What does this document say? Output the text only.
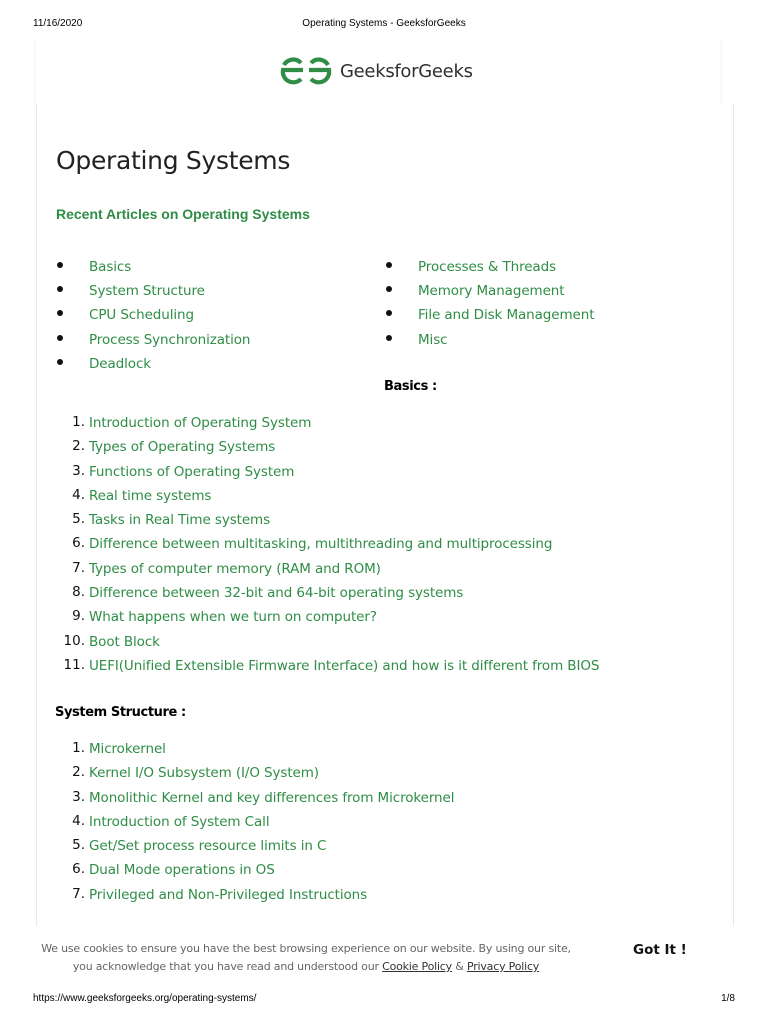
11/16/2020	Operating Systems - GeeksforGeeks
GeeksforGeeks
Operating Systems
Recent Articles on Operating Systems
Basics
System Structure
CPU Scheduling
Process Synchronization
Deadlock
Processes & Threads
Memory Management
File and Disk Management
Misc
Basics :
1. Introduction of Operating System
2. Types of Operating Systems
3. Functions of Operating System
4. Real time systems
5. Tasks in Real Time systems
6. Difference between multitasking, multithreading and multiprocessing
7. Types of computer memory (RAM and ROM)
8. Difference between 32-bit and 64-bit operating systems
9. What happens when we turn on computer?
10. Boot Block
11. UEFI(Unified Extensible Firmware Interface) and how is it different from BIOS
System Structure :
1. Microkernel
2. Kernel I/O Subsystem (I/O System)
3. Monolithic Kernel and key differences from Microkernel
4. Introduction of System Call
5. Get/Set process resource limits in C
6. Dual Mode operations in OS
7. Privileged and Non-Privileged Instructions
We use cookies to ensure you have the best browsing experience on our website. By using our site,
you acknowledge that you have read and understood our Cookie Policy & Privacy Policy
Got It !
https://www.geeksforgeeks.org/operating-systems/	1/8
